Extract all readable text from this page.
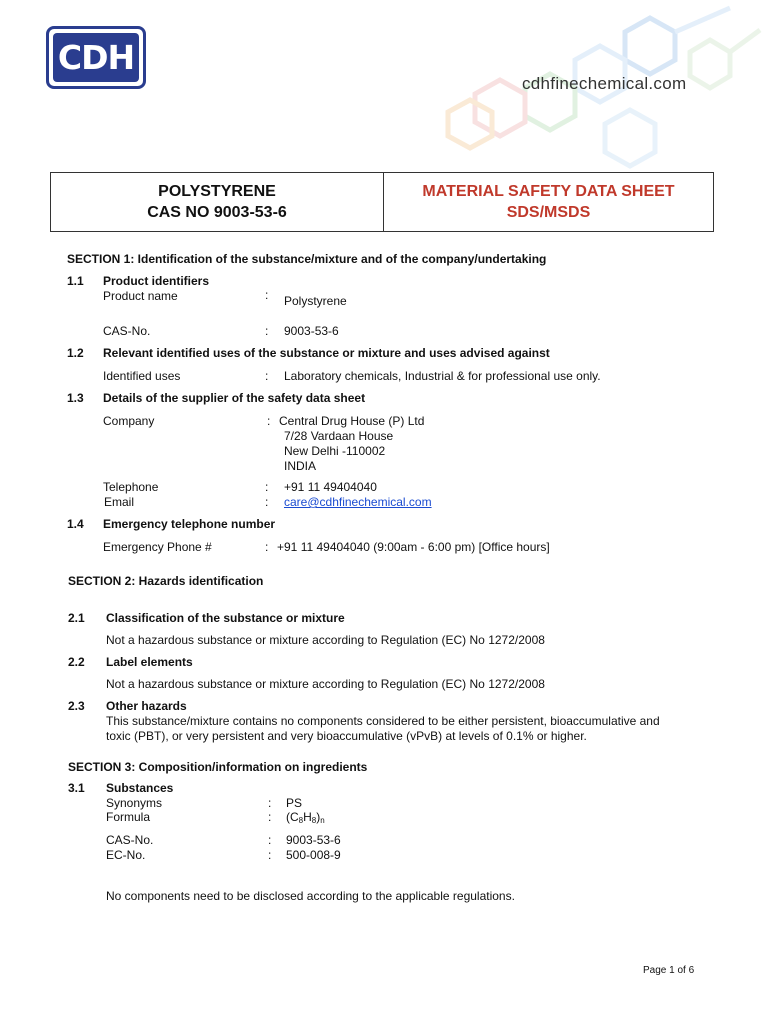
CDH
cdhfinechemical.com
POLYSTYRENE
CAS NO 9003-53-6
MATERIAL SAFETY DATA SHEET
SDS/MSDS
SECTION 1: Identification of the substance/mixture and of the company/undertaking
1.1 Product identifiers
Product name	: Polystyrene
CAS-No.	: 9003-53-6
1.2 Relevant identified uses of the substance or mixture and uses advised against
Identified uses	: Laboratory chemicals, Industrial & for professional use only.
1.3 Details of the supplier of the safety data sheet
Company	: Central Drug House (P) Ltd
7/28 Vardaan House
New Delhi -110002
INDIA
Telephone	: +91 11 49404040
Email	: care@cdhfinechemical.com
1.4 Emergency telephone number
Emergency Phone #	: +91 11 49404040 (9:00am - 6:00 pm) [Office hours]
SECTION 2: Hazards identification
2.1 Classification of the substance or mixture
Not a hazardous substance or mixture according to Regulation (EC) No 1272/2008
2.2 Label elements
Not a hazardous substance or mixture according to Regulation (EC) No 1272/2008
2.3 Other hazards
This substance/mixture contains no components considered to be either persistent, bioaccumulative and
toxic (PBT), or very persistent and very bioaccumulative (vPvB) at levels of 0.1% or higher.
SECTION 3: Composition/information on ingredients
3.1 Substances
Synonyms	: PS
Formula	: $(C_8H_8)_n$
CAS-No.	: 9003-53-6
EC-No.	: 500-008-9
No components need to be disclosed according to the applicable regulations.
Page 1 of 6
